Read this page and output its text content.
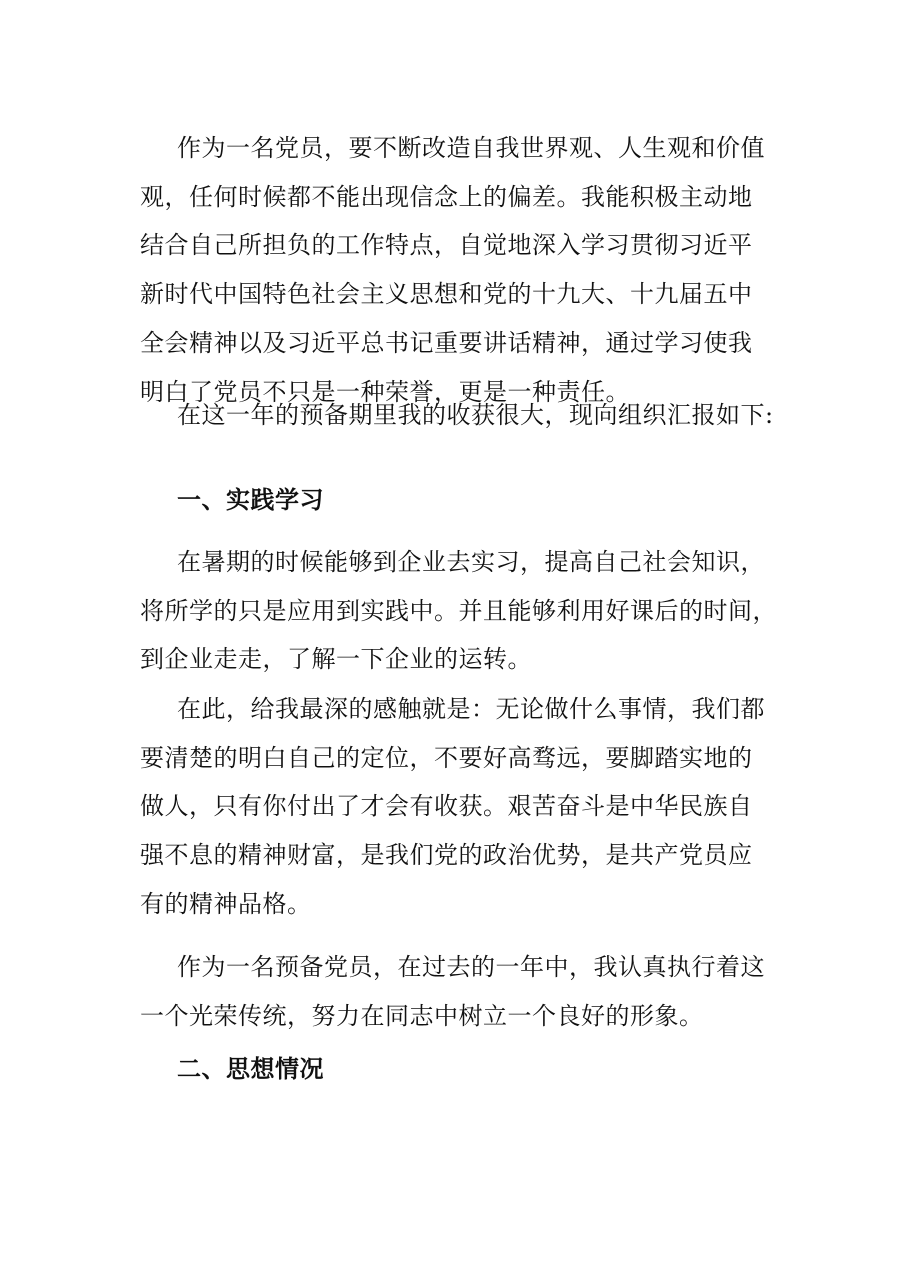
作为一名党员，要不断改造自我世界观、人生观和价值
观，任何时候都不能出现信念上的偏差。我能积极主动地
结合自己所担负的工作特点，自觉地深入学习贯彻习近平
新时代中国特色社会主义思想和党的十九大、十九届五中
全会精神以及习近平总书记重要讲话精神，通过学习使我
明白了党员不只是一种荣誉，更是一种责任。
在这一年的预备期里我的收获很大，现向组织汇报如下:
一、实践学习
在暑期的时候能够到企业去实习，提高自己社会知识，
将所学的只是应用到实践中。并且能够利用好课后的时间，
到企业走走，了解一下企业的运转。
在此，给我最深的感触就是：无论做什么事情，我们都
要清楚的明白自己的定位，不要好高骛远，要脚踏实地的
做人，只有你付出了才会有收获。艰苦奋斗是中华民族自
强不息的精神财富，是我们党的政治优势，是共产党员应
有的精神品格。
作为一名预备党员，在过去的一年中，我认真执行着这
一个光荣传统，努力在同志中树立一个良好的形象。
二、思想情况
